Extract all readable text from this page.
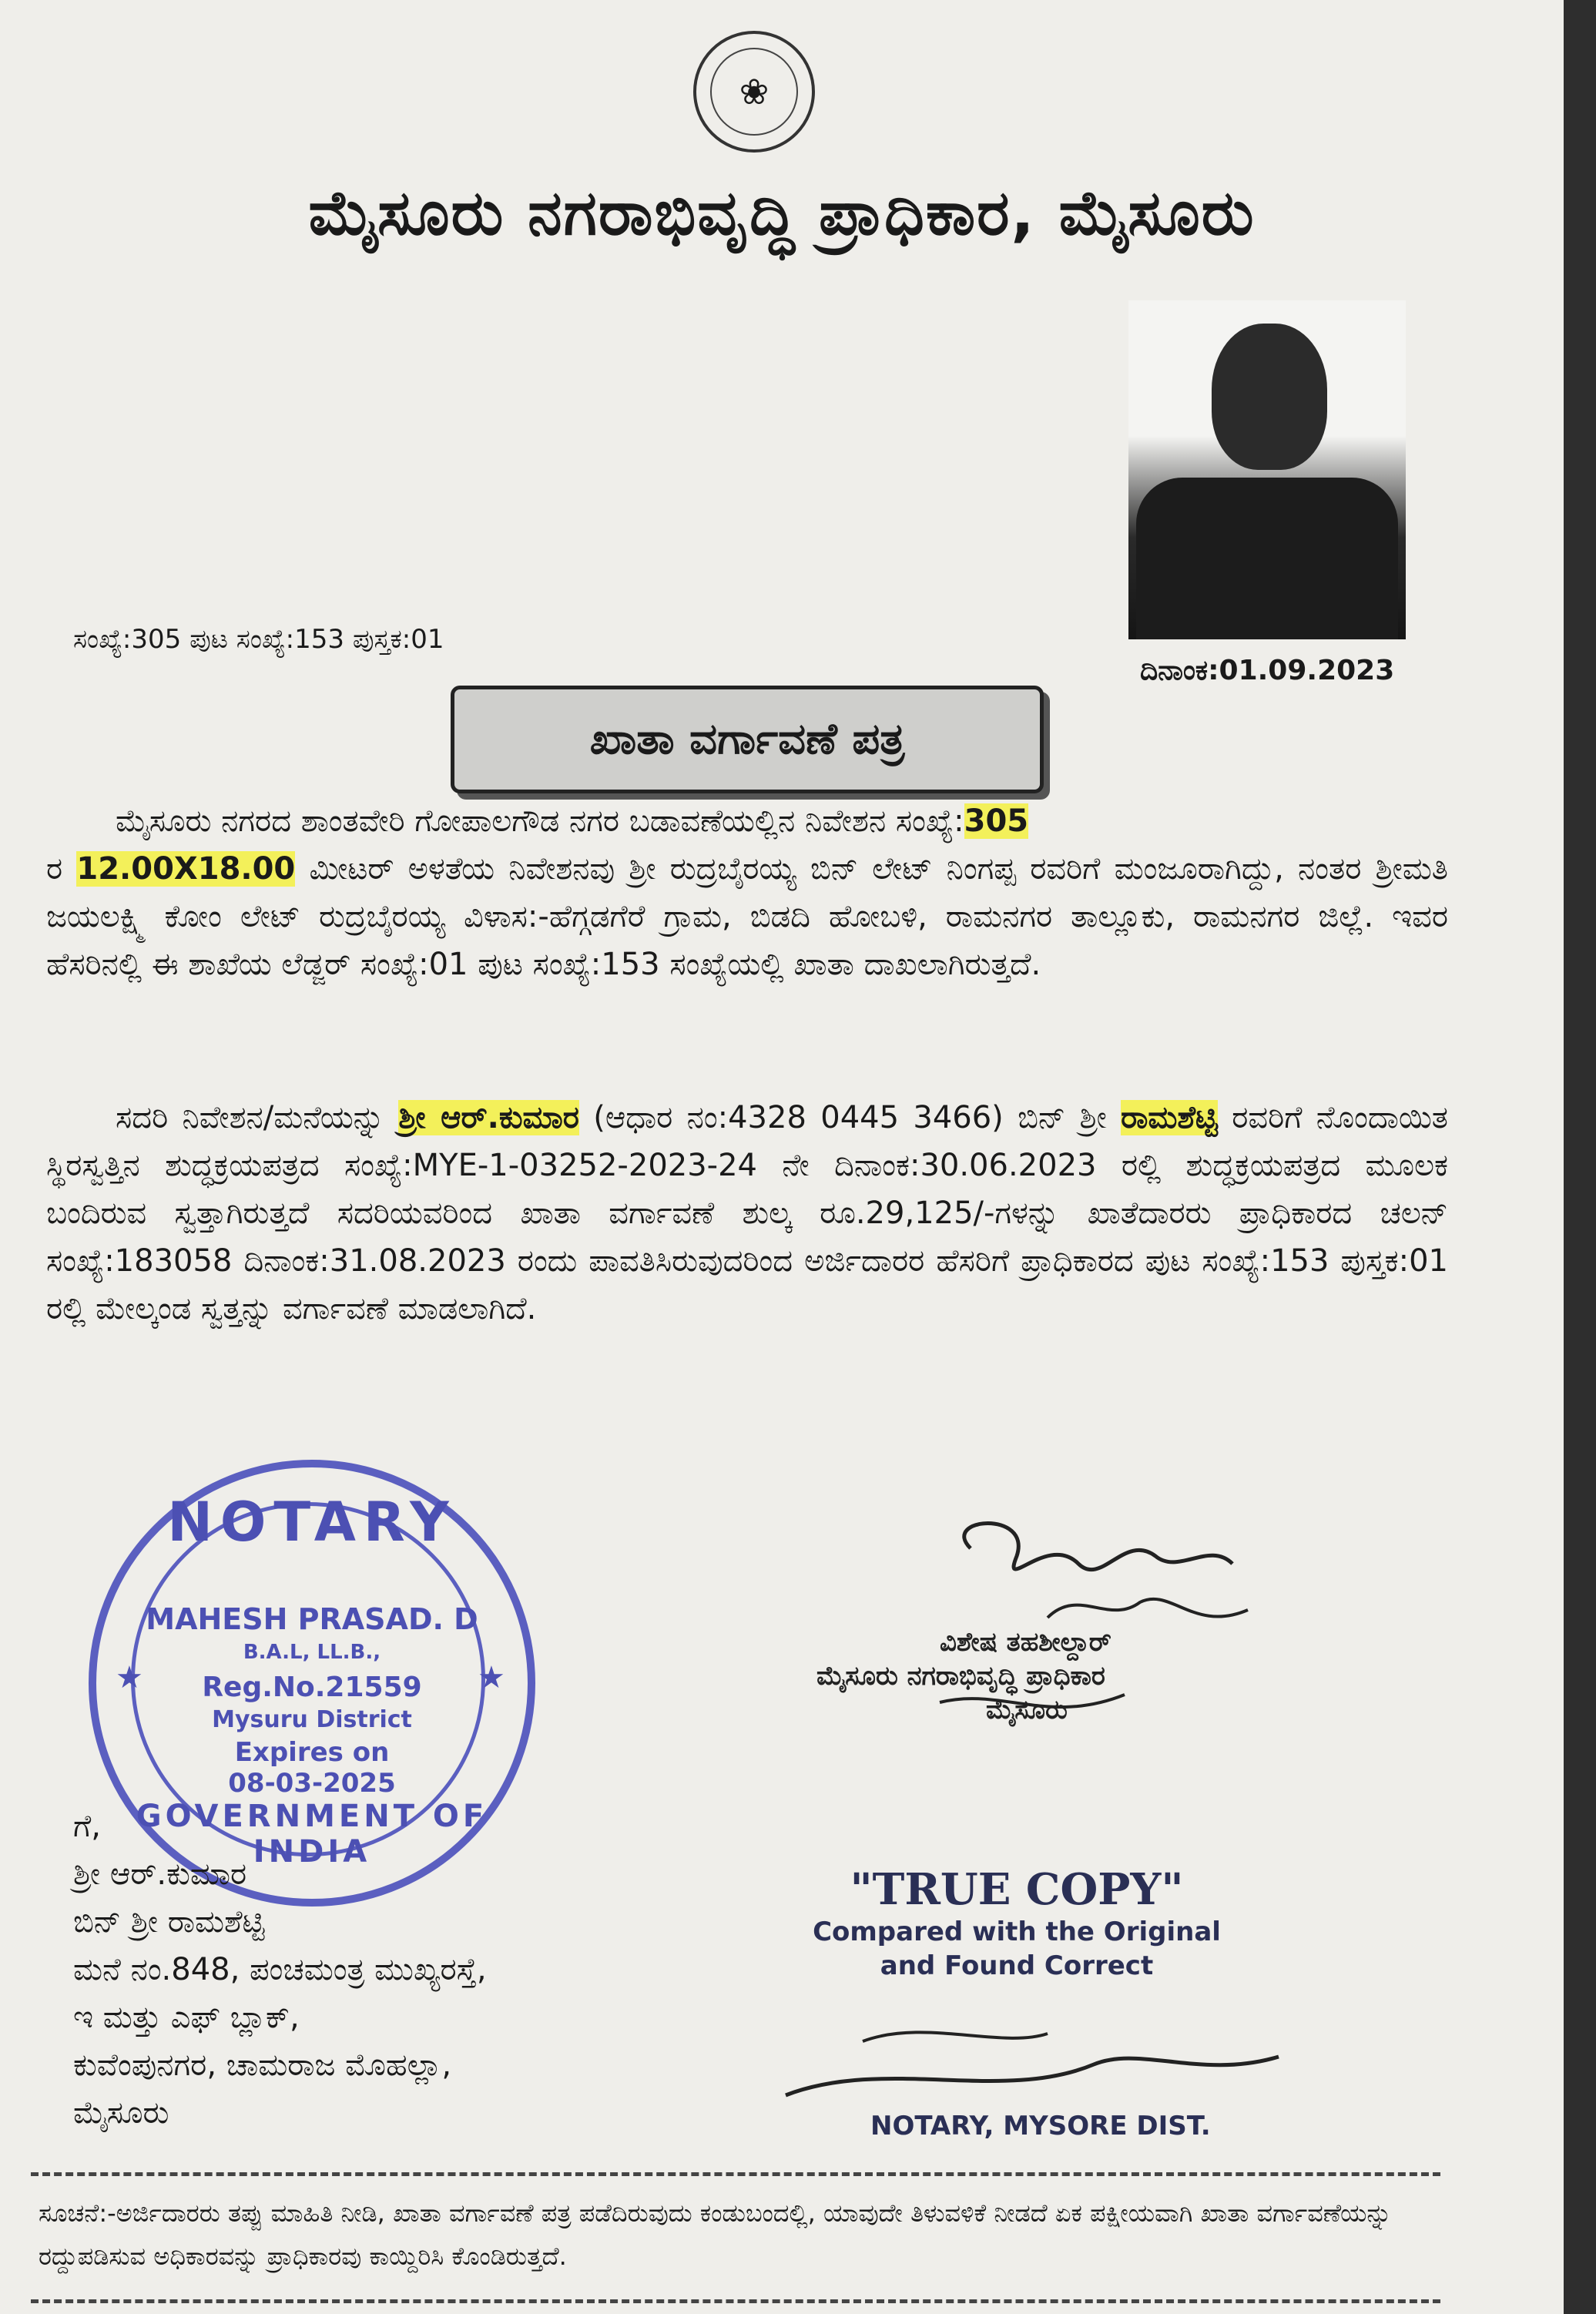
❀
ಮೈಸೂರು ನಗರಾಭಿವೃದ್ಧಿ ಪ್ರಾಧಿಕಾರ, ಮೈಸೂರು
ಸಂಖ್ಯೆ:305 ಪುಟ ಸಂಖ್ಯೆ:153 ಪುಸ್ತಕ:01
ದಿನಾಂಕ:01.09.2023
ಖಾತಾ ವರ್ಗಾವಣೆ ಪತ್ರ
ಮೈಸೂರು ನಗರದ ಶಾಂತವೇರಿ ಗೋಪಾಲಗೌಡ ನಗರ ಬಡಾವಣೆಯಲ್ಲಿನ ನಿವೇಶನ ಸಂಖ್ಯೆ:305
ರ 12.00X18.00 ಮೀಟರ್ ಅಳತೆಯ ನಿವೇಶನವು ಶ್ರೀ ರುದ್ರಬೈರಯ್ಯ ಬಿನ್ ಲೇಟ್ ನಿಂಗಪ್ಪ ರವರಿಗೆ ಮಂಜೂರಾಗಿದ್ದು, ನಂತರ ಶ್ರೀಮತಿ ಜಯಲಕ್ಷ್ಮಿ ಕೋಂ ಲೇಟ್ ರುದ್ರಬೈರಯ್ಯ ವಿಳಾಸ:-ಹೆಗ್ಗಡಗೆರೆ ಗ್ರಾಮ, ಬಿಡದಿ ಹೋಬಳಿ, ರಾಮನಗರ ತಾಲ್ಲೂಕು, ರಾಮನಗರ ಜಿಲ್ಲೆ. ಇವರ ಹೆಸರಿನಲ್ಲಿ ಈ ಶಾಖೆಯ ಲೆಡ್ಜರ್ ಸಂಖ್ಯೆ:01 ಪುಟ ಸಂಖ್ಯೆ:153 ಸಂಖ್ಯೆಯಲ್ಲಿ ಖಾತಾ ದಾಖಲಾಗಿರುತ್ತದೆ.
ಸದರಿ ನಿವೇಶನ/ಮನೆಯನ್ನು ಶ್ರೀ ಆರ್.ಕುಮಾರ (ಆಧಾರ ನಂ:4328 0445 3466) ಬಿನ್ ಶ್ರೀ ರಾಮಶೆಟ್ಟಿ ರವರಿಗೆ ನೊಂದಾಯಿತ ಸ್ಥಿರಸ್ವತ್ತಿನ ಶುದ್ಧಕ್ರಯಪತ್ರದ ಸಂಖ್ಯೆ:MYE-1-03252-2023-24 ನೇ ದಿನಾಂಕ:30.06.2023 ರಲ್ಲಿ ಶುದ್ಧಕ್ರಯಪತ್ರದ ಮೂಲಕ ಬಂದಿರುವ ಸ್ವತ್ತಾಗಿರುತ್ತದೆ ಸದರಿಯವರಿಂದ ಖಾತಾ ವರ್ಗಾವಣೆ ಶುಲ್ಕ ರೂ.29,125/-ಗಳನ್ನು ಖಾತೆದಾರರು ಪ್ರಾಧಿಕಾರದ ಚಲನ್ ಸಂಖ್ಯೆ:183058 ದಿನಾಂಕ:31.08.2023 ರಂದು ಪಾವತಿಸಿರುವುದರಿಂದ ಅರ್ಜಿದಾರರ ಹೆಸರಿಗೆ ಪ್ರಾಧಿಕಾರದ ಪುಟ ಸಂಖ್ಯೆ:153 ಪುಸ್ತಕ:01 ರಲ್ಲಿ ಮೇಲ್ಕಂಡ ಸ್ವತ್ತನ್ನು ವರ್ಗಾವಣೆ ಮಾಡಲಾಗಿದೆ.
NOTARY
★	★
MAHESH PRASAD. D
B.A.L, LL.B.,
Reg.No.21559
Mysuru District
Expires on
08-03-2025
GOVERNMENT OF INDIA
ವಿಶೇಷ ತಹಶೀಲ್ದಾರ್
ಮೈಸೂರು ನಗರಾಭಿವೃದ್ಧಿ ಪ್ರಾಧಿಕಾರ
ಮೈಸೂರು
ಗೆ,
ಶ್ರೀ ಆರ್.ಕುಮಾರ
ಬಿನ್ ಶ್ರೀ ರಾಮಶೆಟ್ಟಿ
ಮನೆ ನಂ.848, ಪಂಚಮಂತ್ರ ಮುಖ್ಯರಸ್ತೆ,
ಇ ಮತ್ತು ಎಫ್ ಬ್ಲಾಕ್,
ಕುವೆಂಪುನಗರ, ಚಾಮರಾಜ ಮೊಹಲ್ಲಾ,
ಮೈಸೂರು
"TRUE COPY"
Compared with the Original
and Found Correct
NOTARY, MYSORE DIST.
ಸೂಚನೆ:-ಅರ್ಜಿದಾರರು ತಪ್ಪು ಮಾಹಿತಿ ನೀಡಿ, ಖಾತಾ ವರ್ಗಾವಣೆ ಪತ್ರ ಪಡೆದಿರುವುದು ಕಂಡುಬಂದಲ್ಲಿ, ಯಾವುದೇ ತಿಳುವಳಿಕೆ ನೀಡದೆ ಏಕ ಪಕ್ಷೀಯವಾಗಿ ಖಾತಾ ವರ್ಗಾವಣೆಯನ್ನು ರದ್ದುಪಡಿಸುವ ಅಧಿಕಾರವನ್ನು ಪ್ರಾಧಿಕಾರವು ಕಾಯ್ದಿರಿಸಿ ಕೊಂಡಿರುತ್ತದೆ.
